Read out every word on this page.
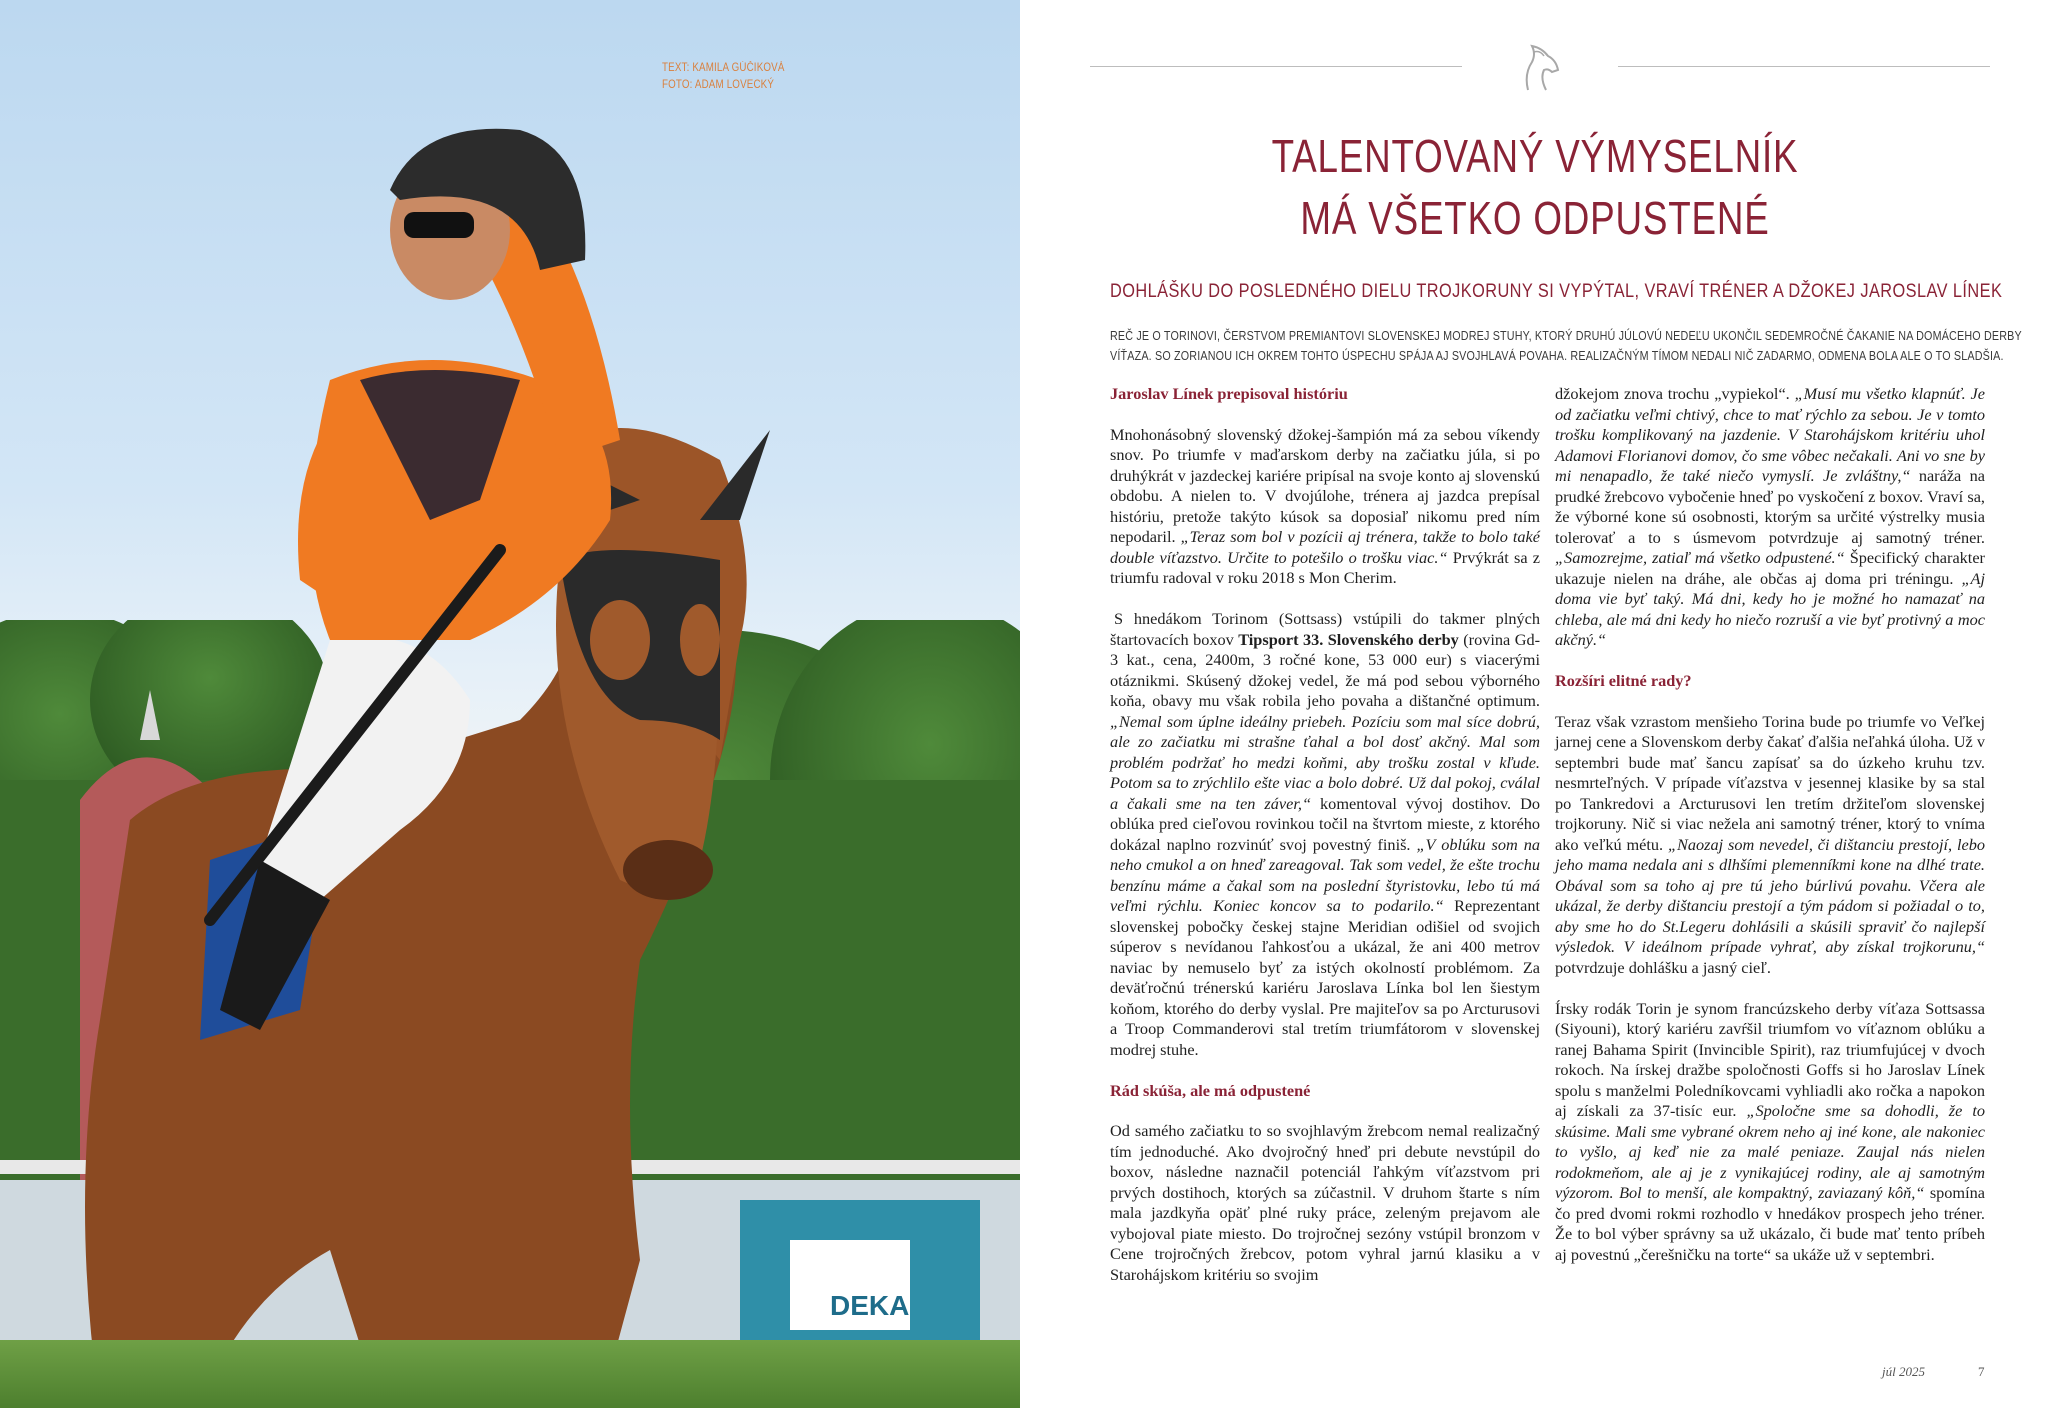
DEKA
TEXT: KAMILA GÚČIKOVÁ
FOTO: ADAM LOVECKÝ
TALENTOVANÝ VÝMYSELNÍK
MÁ VŠETKO ODPUSTENÉ
DOHLÁŠKU DO POSLEDNÉHO DIELU TROJKORUNY SI VYPÝTAL, VRAVÍ TRÉNER A DŽOKEJ JAROSLAV LÍNEK
REČ JE O TORINOVI, ČERSTVOM PREMIANTOVI SLOVENSKEJ MODREJ STUHY, KTORÝ DRUHÚ JÚLOVÚ NEDEĽU UKONČIL SEDEMROČNÉ ČAKANIE NA DOMÁCEHO DERBY
VÍŤAZA. SO ZORIANOU ICH OKREM TOHTO ÚSPECHU SPÁJA AJ SVOJHLAVÁ POVAHA. REALIZAČNÝM TÍMOM NEDALI NIČ ZADARMO, ODMENA BOLA ALE O TO SLADŠIA.
Jaroslav Línek prepisoval históriu

Mnohonásobný slovenský džokej-šampión má za sebou víkendy snov. Po triumfe v maďarskom derby na začiatku júla, si po druhýkrát v jazdeckej kariére pripísal na svoje konto aj slovenskú obdobu. A nielen to. V dvojúlohe, trénera aj jazdca prepísal históriu, pretože takýto kúsok sa doposiaľ nikomu pred ním nepodaril. „Teraz som bol v pozícii aj trénera, takže to bolo také double víťazstvo. Určite to potešilo o trošku viac.“ Prvýkrát sa z triumfu radoval v roku 2018 s Mon Cherim.

S hnedákom Torinom (Sottsass) vstúpili do takmer plných štartovacích boxov Tipsport 33. Slovenského derby (rovina Gd-3 kat., cena, 2400m, 3 ročné kone, 53 000 eur) s viacerými otáznikmi. Skúsený džokej vedel, že má pod sebou výborného koňa, obavy mu však robila jeho povaha a dištančné optimum. „Nemal som úplne ideálny priebeh. Pozíciu som mal síce dobrú, ale zo začiatku mi strašne ťahal a bol dosť akčný. Mal som problém podržať ho medzi koňmi, aby trošku zostal v kľude. Potom sa to zrýchlilo ešte viac a bolo dobré. Už dal pokoj, cválal a čakali sme na ten záver,“ komentoval vývoj dostihov. Do oblúka pred cieľovou rovinkou točil na štvrtom mieste, z ktorého dokázal naplno rozvinúť svoj povestný finiš. „V oblúku som na neho cmukol a on hneď zareagoval. Tak som vedel, že ešte trochu benzínu máme a čakal som na poslední štyristovku, lebo tú má veľmi rýchlu. Koniec koncov sa to podarilo.“ Reprezentant slovenskej pobočky českej stajne Meridian odišiel od svojich súperov s nevídanou ľahkosťou a ukázal, že ani 400 metrov naviac by nemuselo byť za istých okolností problémom. Za deväťročnú trénerskú kariéru Jaroslava Línka bol len šiestym koňom, ktorého do derby vyslal. Pre majiteľov sa po Arcturusovi a Troop Commanderovi stal tretím triumfátorom v slovenskej modrej stuhe.

Rád skúša, ale má odpustené

Od samého začiatku to so svojhlavým žrebcom nemal realizačný tím jednoduché. Ako dvojročný hneď pri debute nevstúpil do boxov, následne naznačil potenciál ľahkým víťazstvom pri prvých dostihoch, ktorých sa zúčastnil. V druhom štarte s ním mala jazdkyňa opäť plné ruky práce, zeleným prejavom ale vybojoval piate miesto. Do trojročnej sezóny vstúpil bronzom v Cene trojročných žrebcov, potom vyhral jarnú klasiku a v Starohájskom kritériu so svojim

džokejom znova trochu „vypiekol“. „Musí mu všetko klapnúť. Je od začiatku veľmi chtivý, chce to mať rýchlo za sebou. Je v tomto trošku komplikovaný na jazdenie. V Starohájskom kritériu uhol Adamovi Florianovi domov, čo sme vôbec nečakali. Ani vo sne by mi nenapadlo, že také niečo vymyslí. Je zvláštny,“ naráža na prudké žrebcovo vybočenie hneď po vyskočení z boxov. Vraví sa, že výborné kone sú osobnosti, ktorým sa určité výstrelky musia tolerovať a to s úsmevom potvrdzuje aj samotný tréner. „Samozrejme, zatiaľ má všetko odpustené.“ Špecifický charakter ukazuje nielen na dráhe, ale občas aj doma pri tréningu. „Aj doma vie byť taký. Má dni, kedy ho je možné ho namazať na chleba, ale má dni kedy ho niečo rozruší a vie byť protivný a moc akčný.“

Rozšíri elitné rady?

Teraz však vzrastom menšieho Torina bude po triumfe vo Veľkej jarnej cene a Slovenskom derby čakať ďalšia neľahká úloha. Už v septembri bude mať šancu zapísať sa do úzkeho kruhu tzv. nesmrteľných. V prípade víťazstva v jesennej klasike by sa stal po Tankredovi a Arcturusovi len tretím držiteľom slovenskej trojkoruny. Nič si viac nežela ani samotný tréner, ktorý to vníma ako veľkú métu. „Naozaj som nevedel, či dištanciu prestojí, lebo jeho mama nedala ani s dlhšími plemenníkmi kone na dlhé trate. Obával som sa toho aj pre tú jeho búrlivú povahu. Včera ale ukázal, že derby dištanciu prestojí a tým pádom si požiadal o to, aby sme ho do St.Legeru dohlásili a skúsili spraviť čo najlepší výsledok. V ideálnom prípade vyhrať, aby získal trojkorunu,“ potvrdzuje dohlášku a jasný cieľ.

Írsky rodák Torin je synom francúzskeho derby víťaza Sottsassa (Siyouni), ktorý kariéru zavŕšil triumfom vo víťaznom oblúku a ranej Bahama Spirit (Invincible Spirit), raz triumfujúcej v dvoch rokoch. Na írskej dražbe spoločnosti Goffs si ho Jaroslav Línek spolu s manželmi Poledníkovcami vyhliadli ako ročka a napokon aj získali za 37-tisíc eur. „Spoločne sme sa dohodli, že to skúsime. Mali sme vybrané okrem neho aj iné kone, ale nakoniec to vyšlo, aj keď nie za malé peniaze. Zaujal nás nielen rodokmeňom, ale aj je z vynikajúcej rodiny, ale aj samotným výzorom. Bol to menší, ale kompaktný, zaviazaný kôň,“ spomína čo pred dvomi rokmi rozhodlo v hnedákov prospech jeho tréner. Že to bol výber správny sa už ukázalo, či bude mať tento príbeh aj povestnú „čerešničku na torte“ sa ukáže už v septembri.

júl 2025	7
